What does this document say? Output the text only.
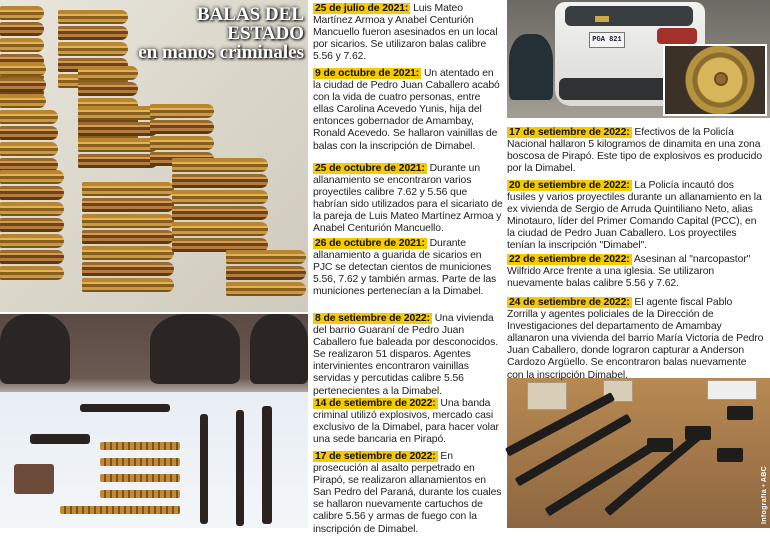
BALAS DEL ESTADO
en manos criminales
PGA 821
Infografía • ABC
25 de julio de 2021: Luis Mateo Martínez Armoa y Anabel Centurión Mancuello fueron asesinados en un local por sicarios. Se utilizaron balas calibre 5.56 y 7.62.
9 de octubre de 2021: Un atentado en la ciudad de Pedro Juan Caballero acabó con la vida de cuatro personas, entre ellas Carolina Acevedo Yunis, hija del entonces gobernador de Amambay, Ronald Acevedo. Se hallaron vainillas de balas con la inscripción de Dimabel.
25 de octubre de 2021: Durante un allanamiento se encontraron varios proyectiles calibre 7.62 y 5.56 que habrían sido utilizados para el sicariato de la pareja de Luis Mateo Martínez Armoa y Anabel Centurión Mancuello.
26 de octubre de 2021: Durante allanamiento a guarida de sicarios en PJC se detectan cientos de municiones 5.56, 7.62 y también armas. Parte de las municiones pertenecían a la Dimabel.
8 de setiembre de 2022: Una vivienda del barrio Guaraní de Pedro Juan Caballero fue baleada por desconocidos. Se realizaron 51 disparos. Agentes intervinientes encontraron vainillas servidas y percutidas calibre 5.56 pertenecientes a la Dimabel.
14 de setiembre de 2022: Una banda criminal utilizó explosivos, mercado casi exclusivo de la Dimabel, para hacer volar una sede bancaria en Pirapó.
17 de setiembre de 2022: En prosecución al asalto perpetrado en Pirapó, se realizaron allanamientos en San Pedro del Paraná, durante los cuales se hallaron nuevamente cartuchos de calibre 5.56 y armas de fuego con la inscripción de Dimabel.
17 de setiembre de 2022: Efectivos de la Policía Nacional hallaron 5 kilogramos de dinamita en una zona boscosa de Pirapó. Este tipo de explosivos es producido por la Dimabel.
20 de setiembre de 2022: La Policía incautó dos fusiles y varios proyectiles durante un allanamiento en la ex vivienda de Sergio de Arruda Quintiliano Neto, alias Minotauro, líder del Primer Comando Capital (PCC), en la ciudad de Pedro Juan Caballero. Los proyectiles tenían la inscripción "Dimabel".
22 de setiembre de 2022: Asesinan al "narcopastor" Wilfrido Arce frente a una iglesia. Se utilizaron nuevamente balas calibre 5.56 y 7.62.
24 de setiembre de 2022: El agente fiscal Pablo Zorrilla y agentes policiales de la Dirección de Investigaciones del departamento de Amambay allanaron una vivienda del barrio María Victoria de Pedro Juan Caballero, donde lograron capturar a Anderson Cardozo Argüello. Se encontraron balas nuevamente con la inscripción Dimabel.
